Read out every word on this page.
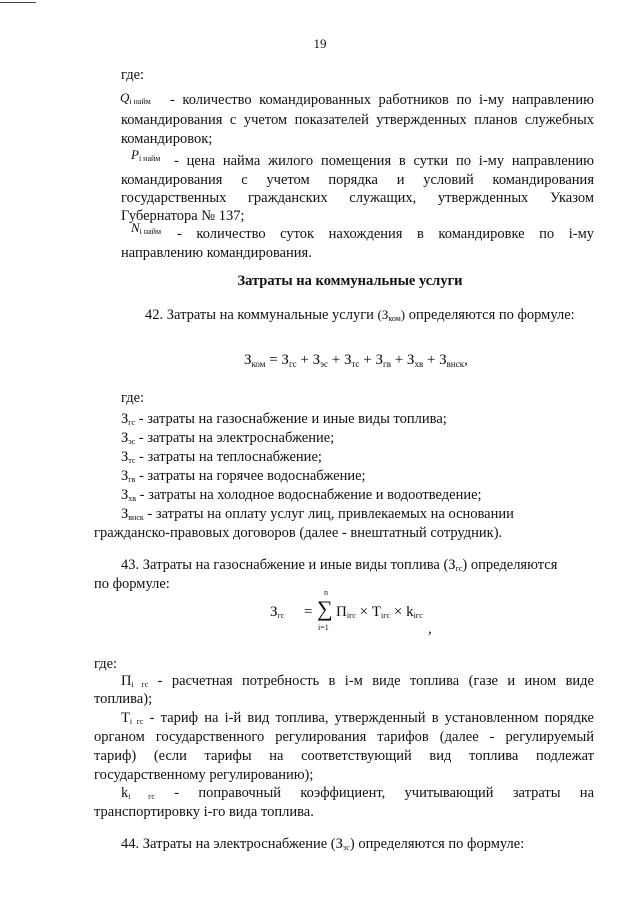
19
где:
$Q_{i найм}$ - количество командированных работников по i-му направлению
командирования с учетом показателей утвержденных планов служебных
командировок;
$P_{i найм}$ - цена найма жилого помещения в сутки по i-му направлению
командирования с учетом порядка и условий командирования
государственных гражданских служащих, утвержденных Указом
Губернатора № 137;
$N_{i найм}$ - количество суток нахождения в командировке по i-му
направлению командирования.
Затраты на коммунальные услуги
42. Затраты на коммунальные услуги $(З_{ком})$ определяются по формуле:
$З_{ком} = З_{гс} + З_{эс} + З_{тс} + З_{гв} + З_{хв} + З_{внск}$,
где:
$З_{гс}$ - затраты на газоснабжение и иные виды топлива;
$З_{эс}$ - затраты на электроснабжение;
$З_{тс}$ - затраты на теплоснабжение;
$З_{гв}$ - затраты на горячее водоснабжение;
$З_{хв}$ - затраты на холодное водоснабжение и водоотведение;
$З_{внск}$ - затраты на оплату услуг лиц, привлекаемых на основании
гражданско-правовых договоров (далее - внештатный сотрудник).
43. Затраты на газоснабжение и иные виды топлива $(З_{гс})$ определяются
по формуле:
$З_{гс}$ =
n
∑
i=1
$П_{iгс} \times Т_{iгс} \times k_{iгс}$
,
где:
$П_{i гс}$ - расчетная потребность в i-м виде топлива (газе и ином виде
топлива);
$Т_{i гс}$ - тариф на i-й вид топлива, утвержденный в установленном порядке
органом государственного регулирования тарифов (далее - регулируемый
тариф) (если тарифы на соответствующий вид топлива подлежат
государственному регулированию);
$k_{i гс}$ - поправочный коэффициент, учитывающий затраты на
транспортировку i-го вида топлива.
44. Затраты на электроснабжение $(З_{эс})$ определяются по формуле:
